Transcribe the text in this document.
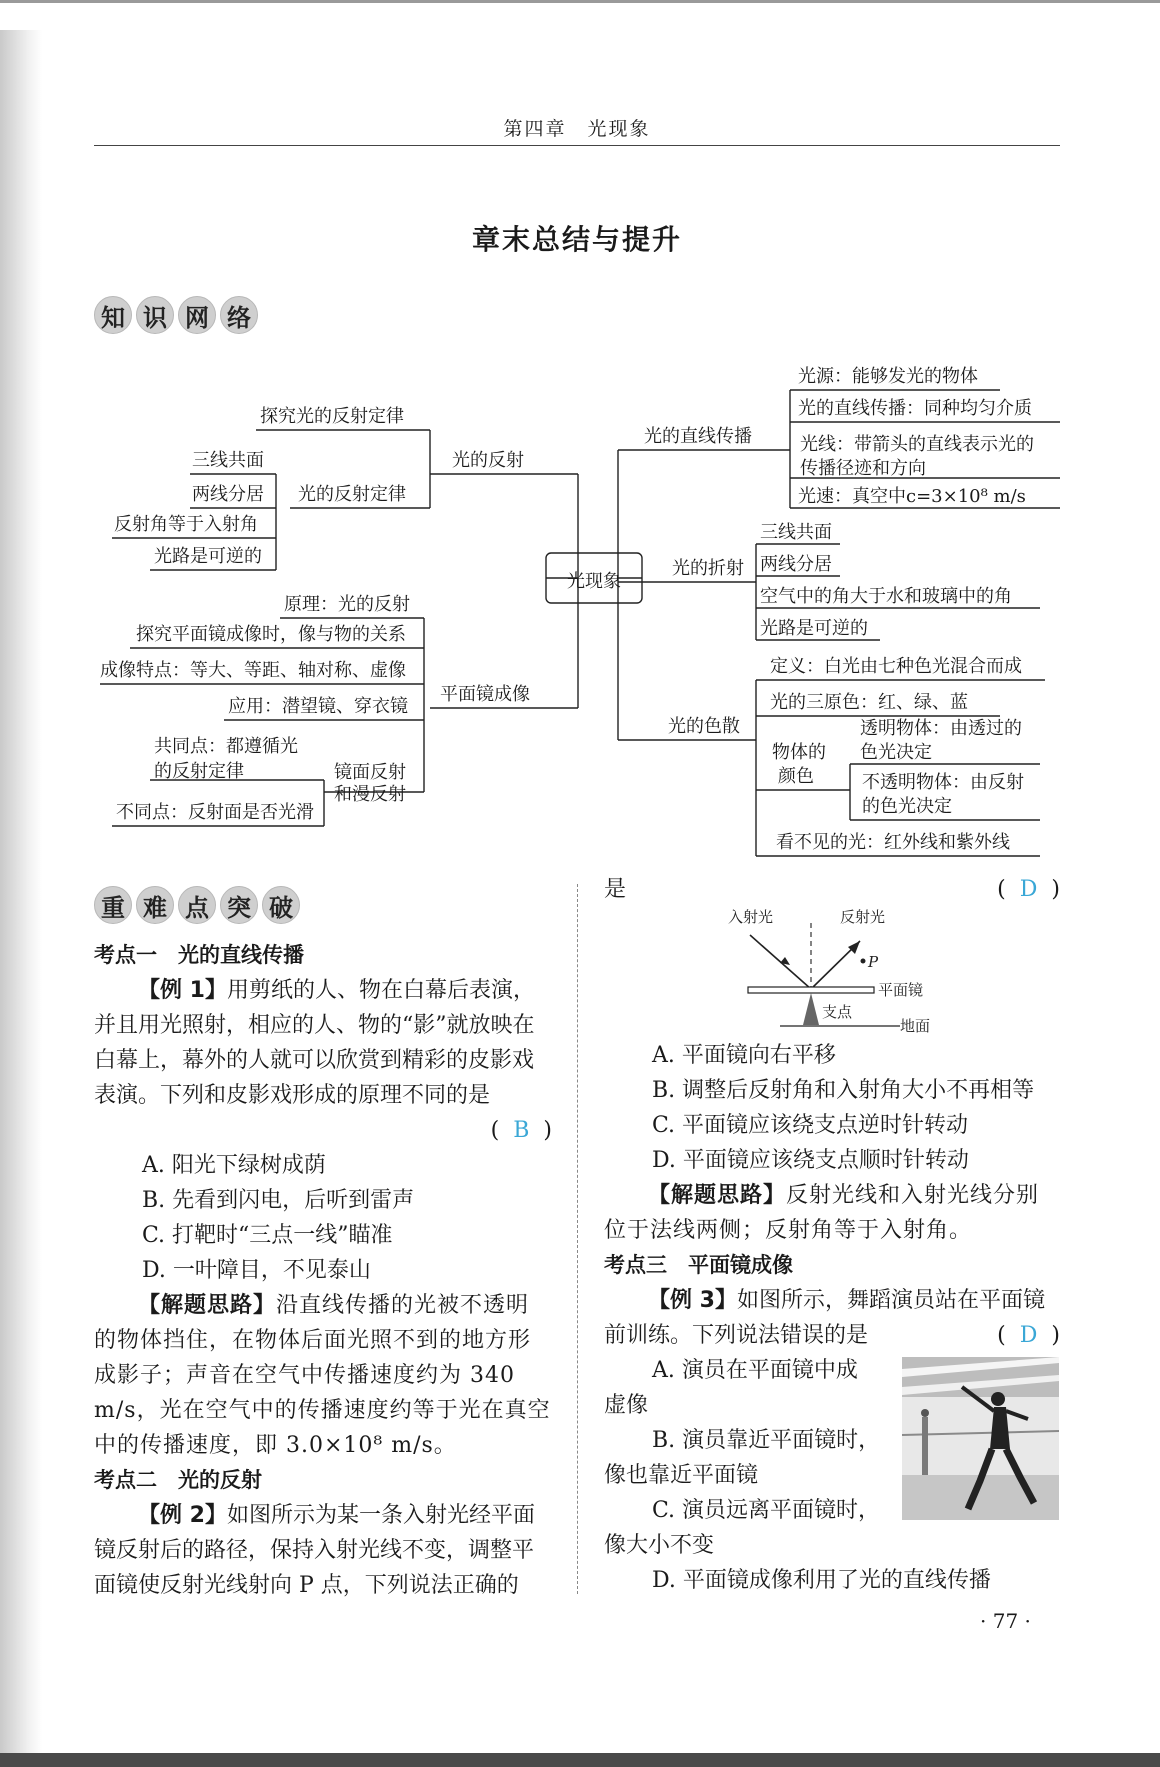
第四章　光现象
章末总结与提升
知 识 网 络
光现象
光的反射
探究光的反射定律
光的反射定律
三线共面
两线分居
反射角等于入射角
光路是可逆的
平面镜成像
原理：光的反射
探究平面镜成像时，像与物的关系
成像特点：等大、等距、轴对称、虚像
应用：潜望镜、穿衣镜
镜面反射
和漫反射
共同点：都遵循光
的反射定律
不同点：反射面是否光滑
光的直线传播
光源：能够发光的物体
光的直线传播：同种均匀介质
光线：带箭头的直线表示光的
传播径迹和方向
光速：真空中c=3×10⁸ m/s
光的折射
三线共面
两线分居
空气中的角大于水和玻璃中的角
光路是可逆的
光的色散
定义：白光由七种色光混合而成
光的三原色：红、绿、蓝
物体的
颜色
透明物体：由透过的
色光决定
不透明物体：由反射
的色光决定
看不见的光：红外线和紫外线
重 难 点 突 破

考点一　光的直线传播

【例 1】用剪纸的人、物在白幕后表演，并且用光照射，相应的人、物的“影”就放映在白幕上，幕外的人就可以欣赏到精彩的皮影戏表演。下列和皮影戏形成的原理不同的是

( B )

A. 阳光下绿树成荫

B. 先看到闪电，后听到雷声

C. 打靶时“三点一线”瞄准

D. 一叶障目，不见泰山

【解题思路】沿直线传播的光被不透明的物体挡住，在物体后面光照不到的地方形成影子；声音在空气中传播速度约为 340 m/s，光在空气中的传播速度约等于光在真空中的传播速度，即 3.0×10⁸ m/s。

考点二　光的反射

【例 2】如图所示为某一条入射光经平面镜反射后的路径，保持入射光线不变，调整平面镜使反射光线射向 P 点，下列说法正确的

是	( D )

P
平面镜
支点
地面
入射光	反射光

A. 平面镜向右平移

B. 调整后反射角和入射角大小不再相等

C. 平面镜应该绕支点逆时针转动

D. 平面镜应该绕支点顺时针转动

【解题思路】反射光线和入射光线分别位于法线两侧；反射角等于入射角。

考点三　平面镜成像

【例 3】如图所示，舞蹈演员站在平面镜前训练。下列说法错误的是	( D )

A. 演员在平面镜中成

虚像

B. 演员靠近平面镜时，

像也靠近平面镜

C. 演员远离平面镜时，

像大小不变

D. 平面镜成像利用了光的直线传播

· 77 ·
